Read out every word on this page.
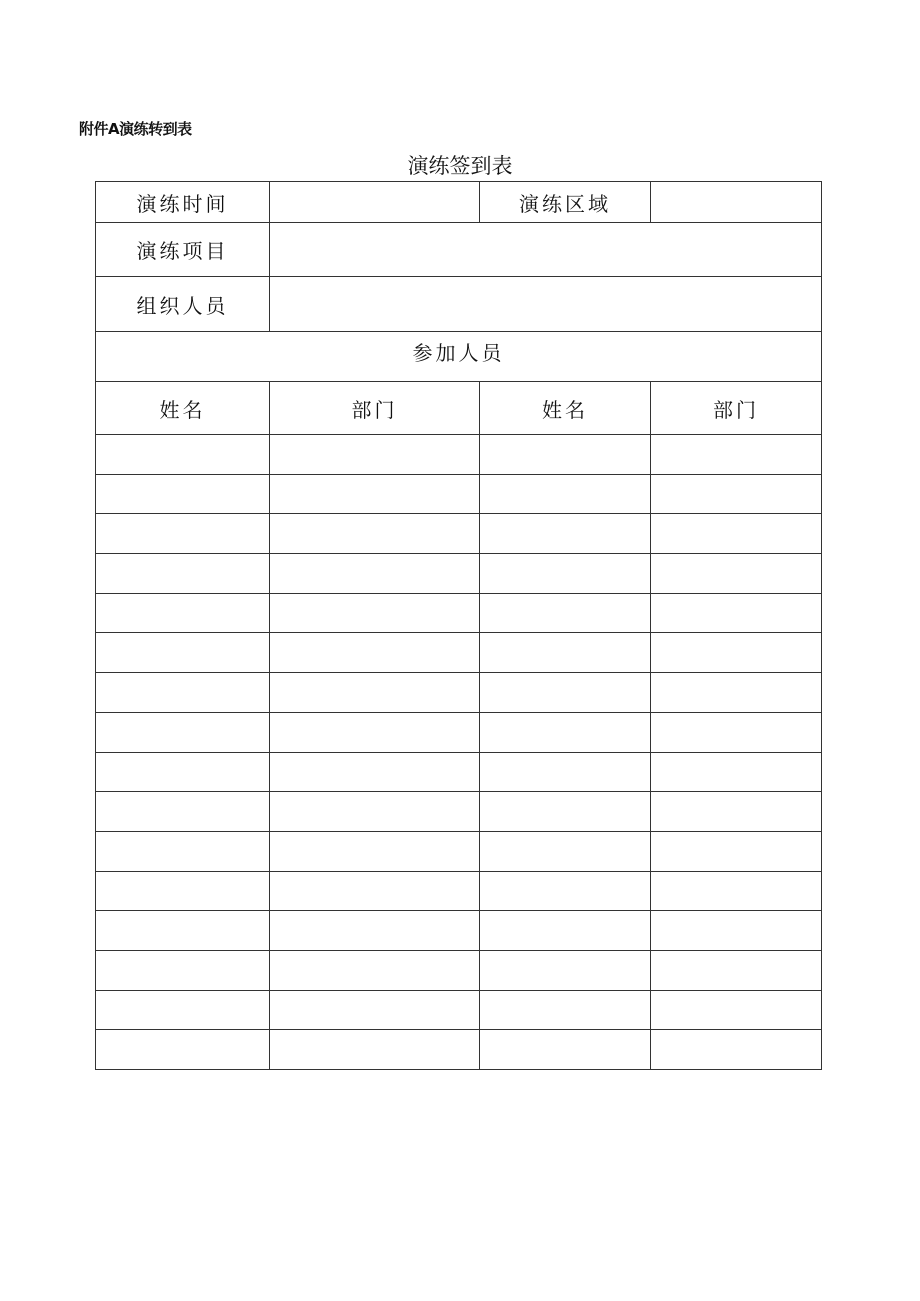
附件A演练转到表
演练签到表
演练时间		演练区域	
演练项目			
组织人员			
参加人员			
姓名	部门	姓名	部门
